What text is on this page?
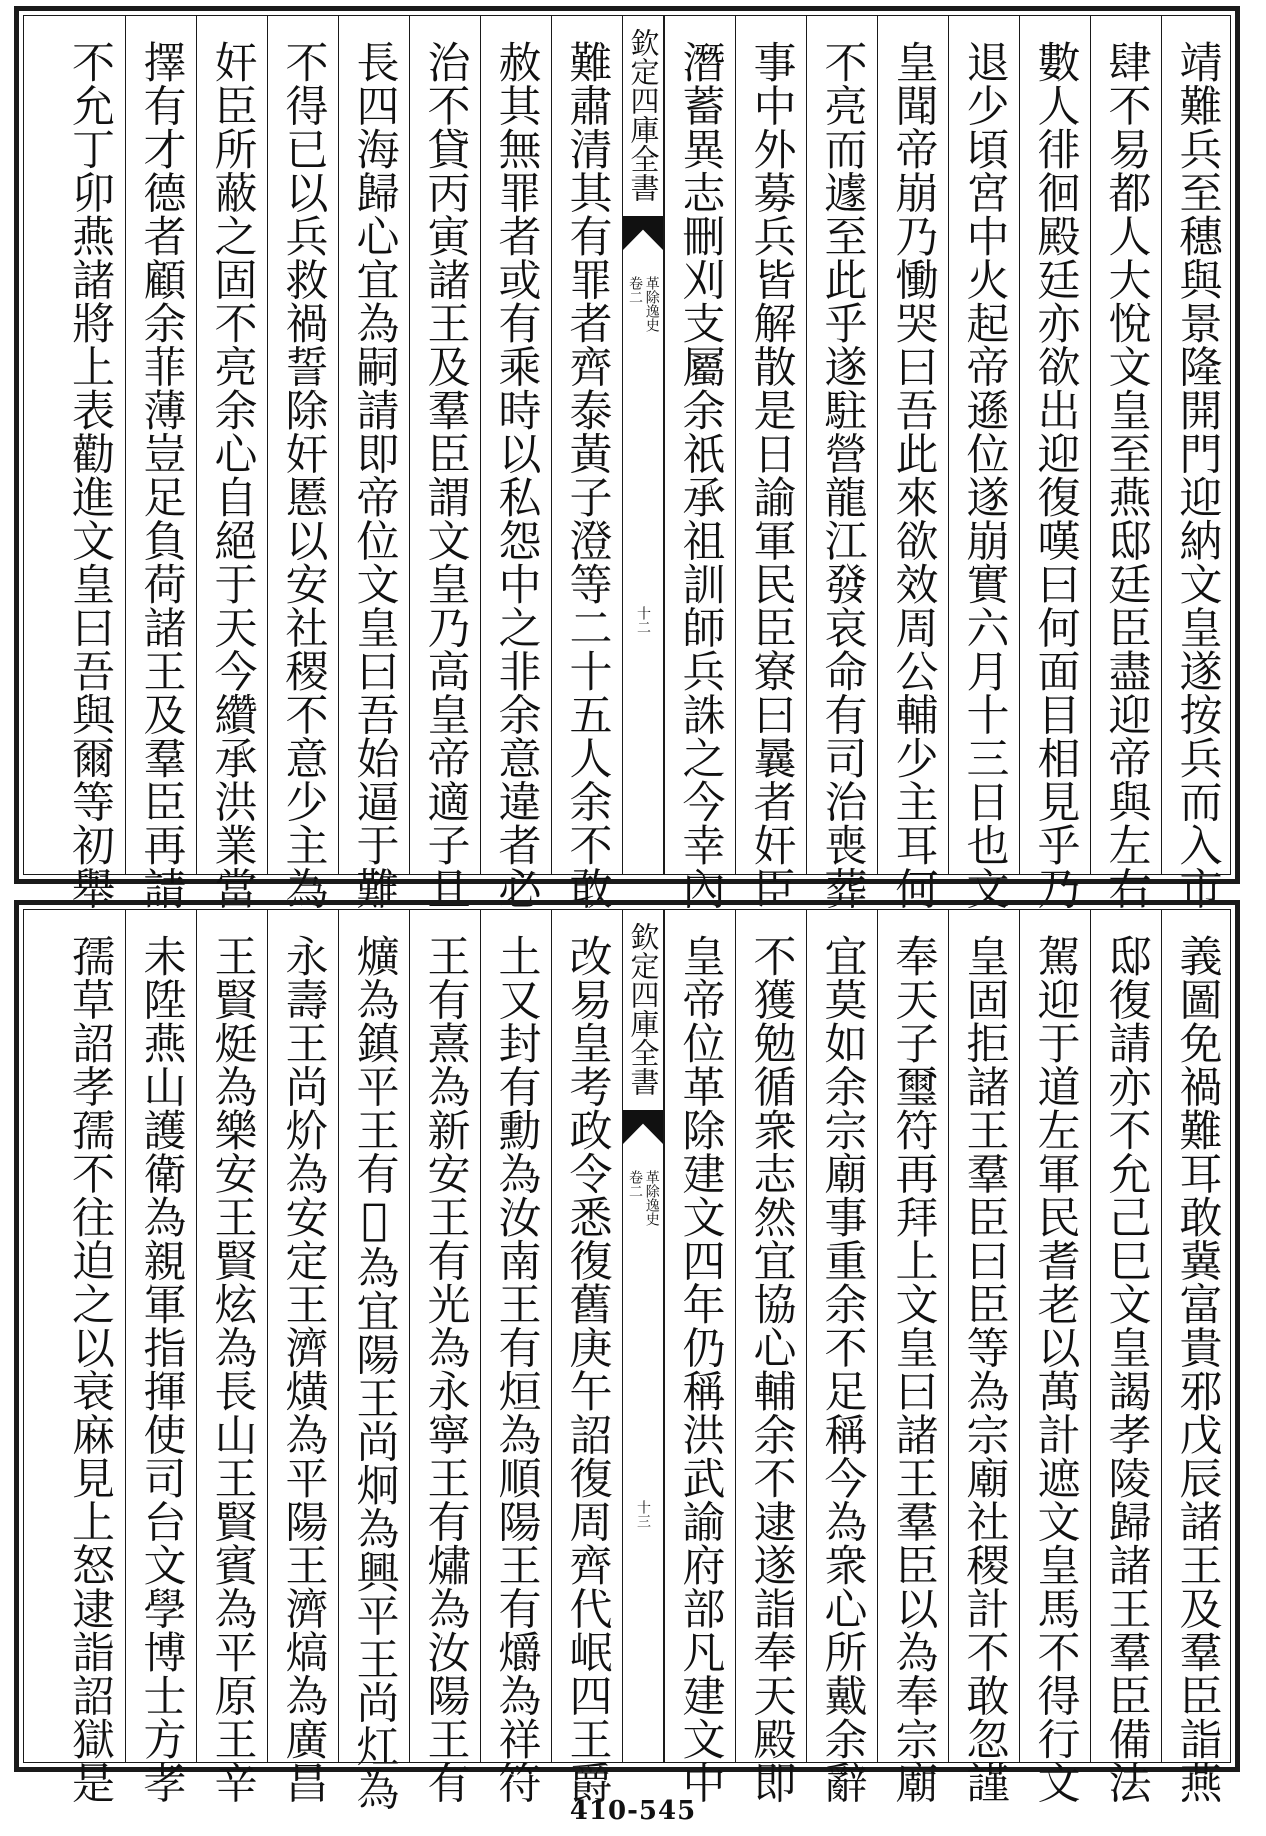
靖難兵至穗與景隆開門迎納文皇遂按兵而入市
肆不易都人大悅文皇至燕邸廷臣盡迎帝與左右
數人徘徊殿廷亦欲出迎復嘆曰何面目相見乎乃
退少頃宮中火起帝遜位遂崩實六月十三日也文
皇聞帝崩乃慟哭曰吾此來欲效周公輔少主耳何
不亮而遽至此乎遂駐營龍江發哀命有司治喪葬
事中外募兵皆解散是日諭軍民臣寮曰曩者奸臣
潛蓄異志刪刈支屬余祇承祖訓師兵誅之今幸內
欽定四庫全書
卷二 革除逸史
十二
難肅清其有罪者齊泰黃子澄等二十五人余不敢
赦其無罪者或有乘時以私怨中之非余意違者必
治不貸丙寅諸王及羣臣謂文皇乃高皇帝適子且
長四海歸心宜為嗣請即帝位文皇曰吾始逼于難
不得已以兵救禍誓除奸慝以安社稷不意少主為
奸臣所蔽之固不亮余心自絕于天今纘承洪業當
擇有才德者顧余菲薄豈足負荷諸王及羣臣再請
不允丁卯燕諸將上表勸進文皇曰吾與爾等初舉
義圖免禍難耳敢冀富貴邪戊辰諸王及羣臣詣燕
邸復請亦不允己巳文皇謁孝陵歸諸王羣臣備法
駕迎于道左軍民耆老以萬計遮文皇馬不得行文
皇固拒諸王羣臣曰臣等為宗廟社稷計不敢忽謹
奉天子璽符再拜上文皇曰諸王羣臣以為奉宗廟
宜莫如余宗廟事重余不足稱今為衆心所戴余辭
不獲勉循衆志然宜協心輔余不逮遂詣奉天殿即
皇帝位革除建文四年仍稱洪武諭府部凡建文中
欽定四庫全書
卷二 革除逸史
十三
改易皇考政令悉復舊庚午詔復周齊代岷四王爵
土又封有勳為汝南王有烜為順陽王有爝為祥符
王有熹為新安王有光為永寧王有熽為汝陽王有
爌為鎮平王有𤐤為宜陽王尚炯為興平王尚灴為
永壽王尚炌為安定王濟熿為平陽王濟熇為廣昌
王賢烶為樂安王賢炫為長山王賢賓為平原王辛
未陞燕山護衛為親軍指揮使司台文學博士方孝
孺草詔孝孺不往迫之以衰麻見上怒逮詣詔獄是
410-545
